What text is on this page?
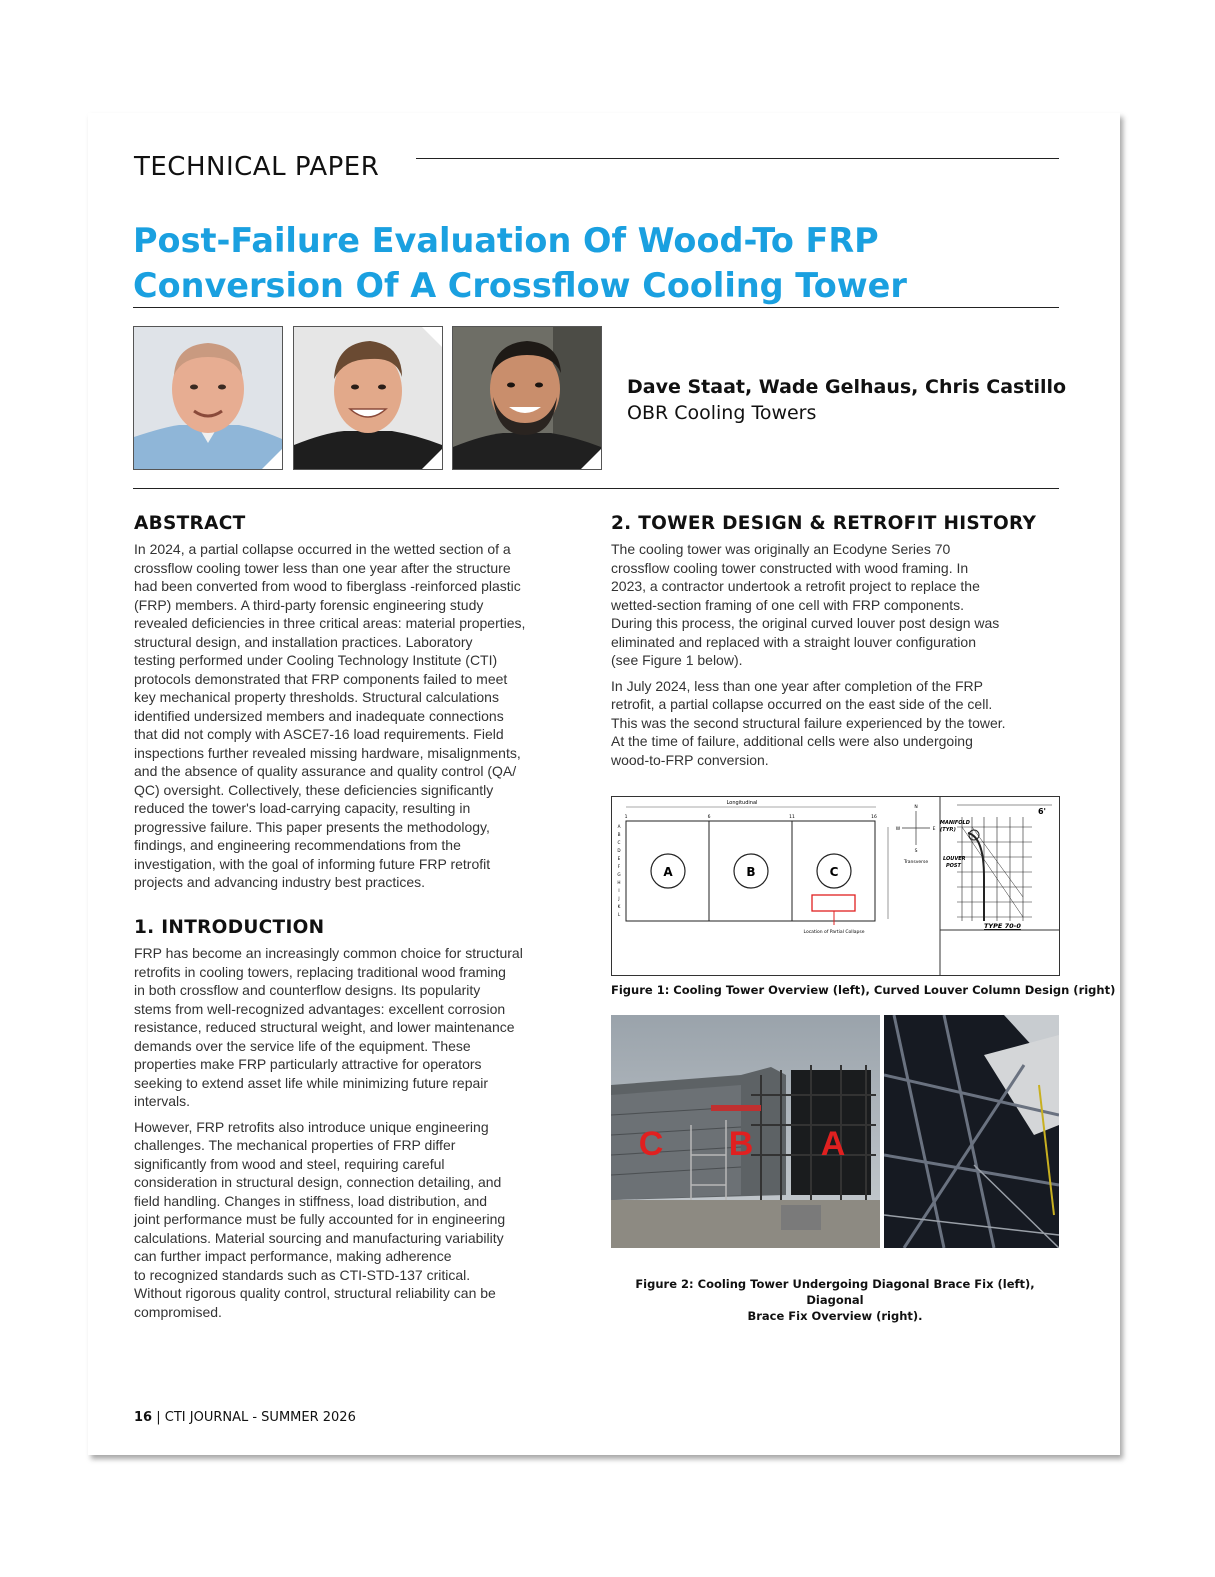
TECHNICAL PAPER
Post-Failure Evaluation Of Wood-To FRP
Conversion Of A Crossflow Cooling Tower
Dave Staat, Wade Gelhaus, Chris Castillo
OBR Cooling Towers
ABSTRACT
In 2024, a partial collapse occurred in the wetted section of a
crossflow cooling tower less than one year after the structure
had been converted from wood to fiberglass -reinforced plastic
(FRP) members. A third-party forensic engineering study
revealed deficiencies in three critical areas: material properties,
structural design, and installation practices. Laboratory
testing performed under Cooling Technology Institute (CTI)
protocols demonstrated that FRP components failed to meet
key mechanical property thresholds. Structural calculations
identified undersized members and inadequate connections
that did not comply with ASCE7-16 load requirements. Field
inspections further revealed missing hardware, misalignments,
and the absence of quality assurance and quality control (QA/
QC) oversight. Collectively, these deficiencies significantly
reduced the tower's load-carrying capacity, resulting in
progressive failure. This paper presents the methodology,
findings, and engineering recommendations from the
investigation, with the goal of informing future FRP retrofit
projects and advancing industry best practices.
1. INTRODUCTION
FRP has become an increasingly common choice for structural
retrofits in cooling towers, replacing traditional wood framing
in both crossflow and counterflow designs. Its popularity
stems from well-recognized advantages: excellent corrosion
resistance, reduced structural weight, and lower maintenance
demands over the service life of the equipment. These
properties make FRP particularly attractive for operators
seeking to extend asset life while minimizing future repair
intervals.
However, FRP retrofits also introduce unique engineering
challenges. The mechanical properties of FRP differ
significantly from wood and steel, requiring careful
consideration in structural design, connection detailing, and
field handling. Changes in stiffness, load distribution, and
joint performance must be fully accounted for in engineering
calculations. Material sourcing and manufacturing variability
can further impact performance, making adherence
to recognized standards such as CTI-STD-137 critical.
Without rigorous quality control, structural reliability can be
compromised.
2. TOWER DESIGN & RETROFIT HISTORY
The cooling tower was originally an Ecodyne Series 70
crossflow cooling tower constructed with wood framing. In
2023, a contractor undertook a retrofit project to replace the
wetted-section framing of one cell with FRP components.
During this process, the original curved louver post design was
eliminated and replaced with a straight louver configuration
(see Figure 1 below).
In July 2024, less than one year after completion of the FRP
retrofit, a partial collapse occurred on the east side of the cell.
This was the second structural failure experienced by the tower.
At the time of failure, additional cells were also undergoing
wood-to-FRP conversion.
Longitudinal
1	6	11	16
A
B
C
D
E
F
G
H
I
J
K
L
A	B	C
Location of Partial Collapse
Transverse
N
S
E
W
6'
MANIFOLD
(TYP.)
LOUVER
POST
TYPE 70-0
Figure 1: Cooling Tower Overview (left), Curved Louver Column Design (right)
C B A
Figure 2: Cooling Tower Undergoing Diagonal Brace Fix (left), Diagonal
Brace Fix Overview (right).
16 | CTI JOURNAL - SUMMER 2026
